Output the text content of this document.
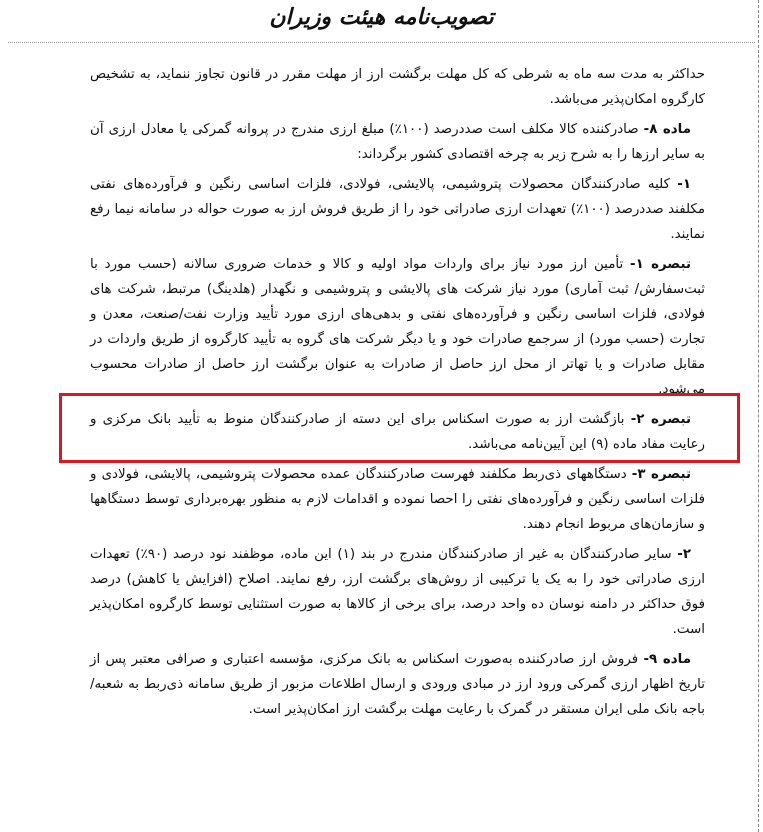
تصویب‌نامه هیئت وزیران

حداکثر به مدت سه ماه به شرطی که کل مهلت برگشت ارز از مهلت مقرر در قانون تجاوز ننماید، به تشخیص کارگروه امکان‌پذیر می‌باشد.

ماده ۸- صادرکننده کالا مکلف است صددرصد (۱۰۰٪) مبلغ ارزی مندرج در پروانه گمرکی یا معادل ارزی آن به سایر ارزها را به شرح زیر به چرخه اقتصادی کشور برگرداند:

۱- کلیه صادرکنندگان محصولات پتروشیمی، پالایشی، فولادی، فلزات اساسی رنگین و فرآورده‌های نفتی مکلفند صددرصد (۱۰۰٪) تعهدات ارزی صادراتی خود را از طریق فروش ارز به صورت حواله در سامانه نیما رفع نمایند.

تبصره ۱- تأمین ارز مورد نیاز برای واردات مواد اولیه و کالا و خدمات ضروری سالانه (حسب مورد با ثبت‌سفارش/ ثبت آماری) مورد نیاز شرکت های پالایشی و پتروشیمی و نگهدار (هلدینگ) مرتبط، شرکت های فولادی، فلزات اساسی رنگین و فرآورده‌های نفتی و بدهی‌های ارزی مورد تأیید وزارت نفت/صنعت، معدن و تجارت (حسب مورد) از سرجمع صادرات خود و یا دیگر شرکت های گروه به تأیید کارگروه از طریق واردات در مقابل صادرات و یا تهاتر از محل ارز حاصل از صادرات به عنوان برگشت ارز حاصل از صادرات محسوب می‌شود.

تبصره ۲- بازگشت ارز به صورت اسکناس برای این دسته از صادرکنندگان منوط به تأیید بانک مرکزی و رعایت مفاد ماده (۹) این آیین‌نامه می‌باشد.

تبصره ۳- دستگاههای ذی‌ربط مکلفند فهرست صادرکنندگان عمده محصولات پتروشیمی، پالایشی، فولادی و فلزات اساسی رنگین و فرآورده‌های نفتی را احصا نموده و اقدامات لازم به منظور بهره‌برداری توسط دستگاهها و سازمان‌های مربوط انجام دهند.

۲- سایر صادرکنندگان به غیر از صادرکنندگان مندرج در بند (۱) این ماده، موظفند نود درصد (۹۰٪) تعهدات ارزی صادراتی خود را به یک یا ترکیبی از روش‌های برگشت ارز، رفع نمایند. اصلاح (افزایش یا کاهش) درصد فوق حداکثر در دامنه نوسان ده واحد درصد، برای برخی از کالاها به صورت استثنایی توسط کارگروه امکان‌پذیر است.

ماده ۹- فروش ارز صادرکننده به‌صورت اسکناس به بانک مرکزی، مؤسسه اعتباری و صرافی معتبر پس از تاریخ اظهار ارزی گمرکی ورود ارز در مبادی ورودی و ارسال اطلاعات مزبور از طریق سامانه ذی‌ربط به شعبه/باجه بانک ملی ایران مستقر در گمرک با رعایت مهلت برگشت ارز امکان‌پذیر است.
